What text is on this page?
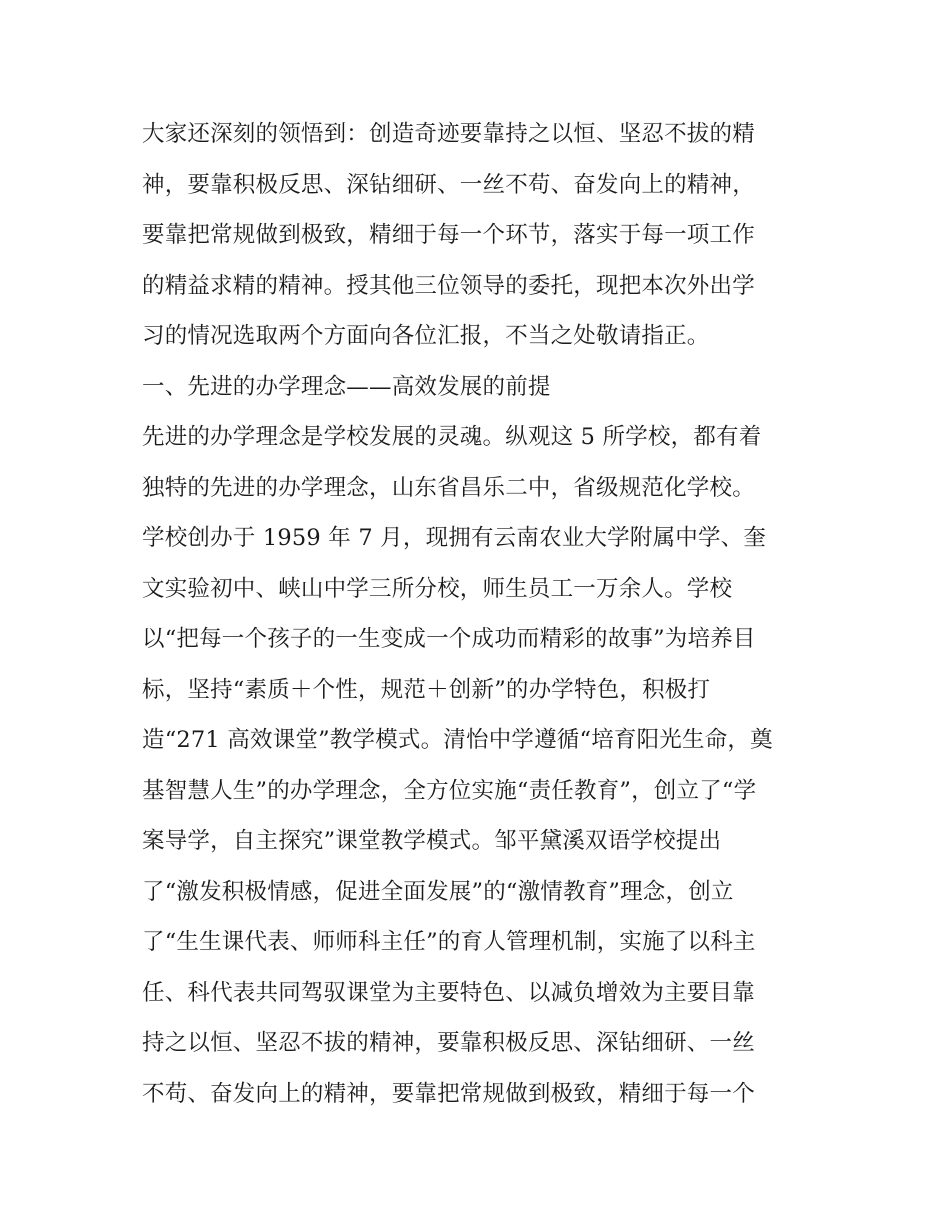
大家还深刻的领悟到：创造奇迹要靠持之以恒、坚忍不拔的精
神，要靠积极反思、深钻细研、一丝不苟、奋发向上的精神，
要靠把常规做到极致，精细于每一个环节，落实于每一项工作
的精益求精的精神。授其他三位领导的委托，现把本次外出学
习的情况选取两个方面向各位汇报，不当之处敬请指正。
一、先进的办学理念——高效发展的前提
先进的办学理念是学校发展的灵魂。纵观这 5 所学校，都有着
独特的先进的办学理念，山东省昌乐二中，省级规范化学校。
学校创办于 1959 年 7 月，现拥有云南农业大学附属中学、奎
文实验初中、峡山中学三所分校，师生员工一万余人。学校
以“把每一个孩子的一生变成一个成功而精彩的故事”为培养目
标，坚持“素质＋个性，规范＋创新”的办学特色，积极打
造“271 高效课堂”教学模式。清怡中学遵循“培育阳光生命，奠
基智慧人生”的办学理念，全方位实施“责任教育”，创立了“学
案导学，自主探究”课堂教学模式。邹平黛溪双语学校提出
了“激发积极情感，促进全面发展”的“激情教育”理念，创立
了“生生课代表、师师科主任”的育人管理机制，实施了以科主
任、科代表共同驾驭课堂为主要特色、以减负增效为主要目靠
持之以恒、坚忍不拔的精神，要靠积极反思、深钻细研、一丝
不苟、奋发向上的精神，要靠把常规做到极致，精细于每一个
